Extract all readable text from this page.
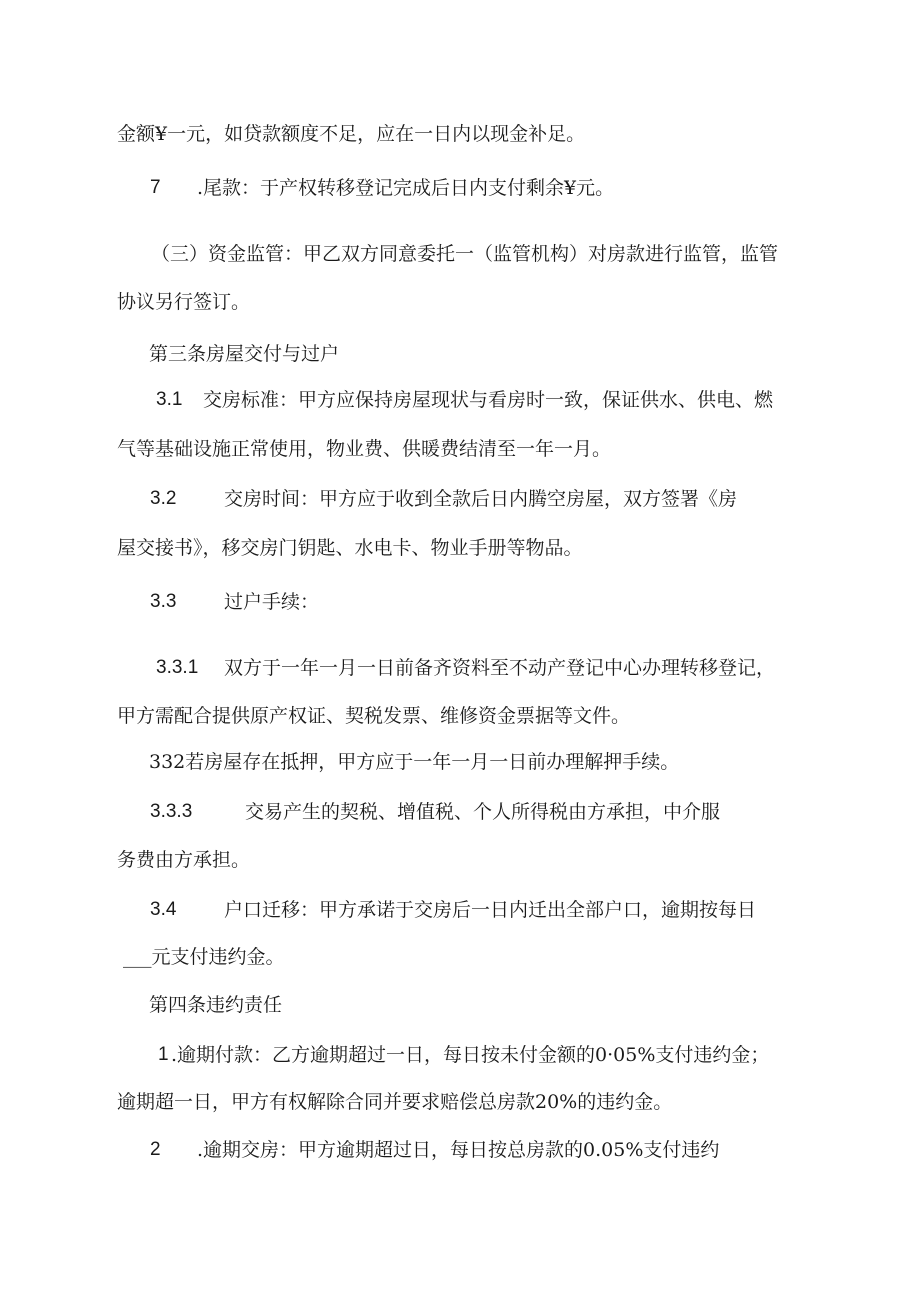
金额¥一元，如贷款额度不足，应在一日内以现金补足。
7 .尾款：于产权转移登记完成后日内支付剩余¥元。
（三）资金监管：甲乙双方同意委托一（监管机构）对房款进行监管，监管
协议另行签订。
第三条房屋交付与过户
3.1 交房标准：甲方应保持房屋现状与看房时一致，保证供水、供电、燃
气等基础设施正常使用，物业费、供暖费结清至一年一月。
3.2	交房时间：甲方应于收到全款后日内腾空房屋，双方签署《房
屋交接书》，移交房门钥匙、水电卡、物业手册等物品。
3.3	过户手续：
3.3.1 双方于一年一月一日前备齐资料至不动产登记中心办理转移登记，
甲方需配合提供原产权证、契税发票、维修资金票据等文件。
332若房屋存在抵押，甲方应于一年一月一日前办理解押手续。
3.3.3	交易产生的契税、增值税、个人所得税由方承担，中介服
务费由方承担。
3.4	户口迁移：甲方承诺于交房后一日内迁出全部户口，逾期按每日
___元支付违约金。
第四条违约责任
1 .逾期付款：乙方逾期超过一日，每日按未付金额的0·05%支付违约金；
逾期超一日，甲方有权解除合同并要求赔偿总房款20%的违约金。
2 .逾期交房：甲方逾期超过日，每日按总房款的0.05%支付违约
